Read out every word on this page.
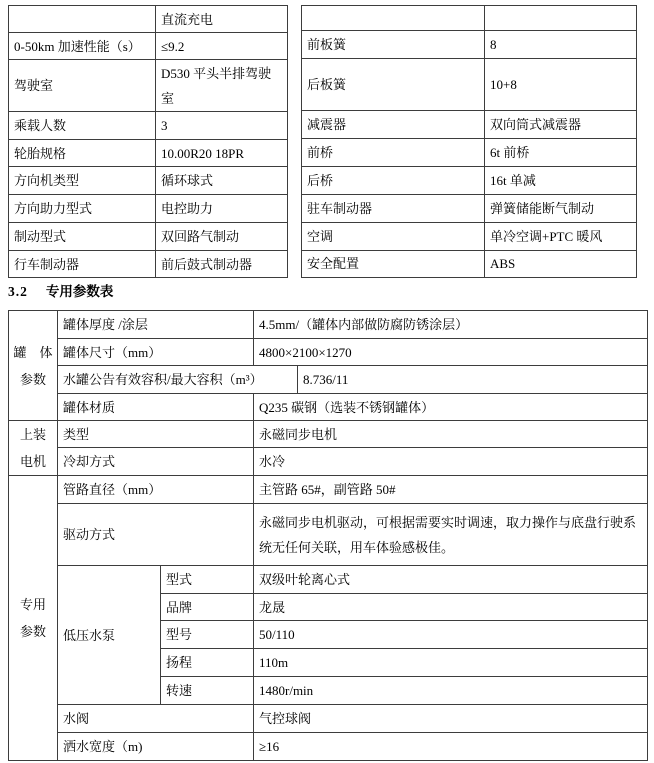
	直流充电
0-50km 加速性能（s）	≤9.2
驾驶室	D530 平头半排驾驶室
乘载人数	3
轮胎规格	10.00R20 18PR
方向机类型	循环球式
方向助力型式	电控助力
制动型式	双回路气制动
行车制动器	前后鼓式制动器

前板簧	8
后板簧	10+8
减震器	双向筒式减震器
前桥	6t 前桥
后桥	16t 单减
驻车制动器	弹簧储能断气制动
空调	单冷空调+PTC 暖风
安全配置	ABS
3.2 专用参数表
罐　体
参数	罐体厚度 /涂层		4.5mm/（罐体内部做防腐防锈涂层）	
	罐体尺寸（mm）		4800×2100×1270	
	水罐公告有效容积/最大容积（m³）			8.736/11
	罐体材质		Q235 碳钢（选装不锈钢罐体）	

上装
电机	类型		永磁同步电机	
	冷却方式		水冷	

专用
参数	管路直径（mm）		主管路 65#，副管路 50#	
	驱动方式		永磁同步电机驱动，可根据需要实时调速，取力操作与底盘行驶系统无任何关联，用车体验感极佳。	
	低压水泵	型式	双级叶轮离心式	
		品牌	龙晟	
		型号	50/110	
		扬程	110m	
		转速	1480r/min	
	水阀		气控球阀	
	洒水宽度（m)		≥16	
